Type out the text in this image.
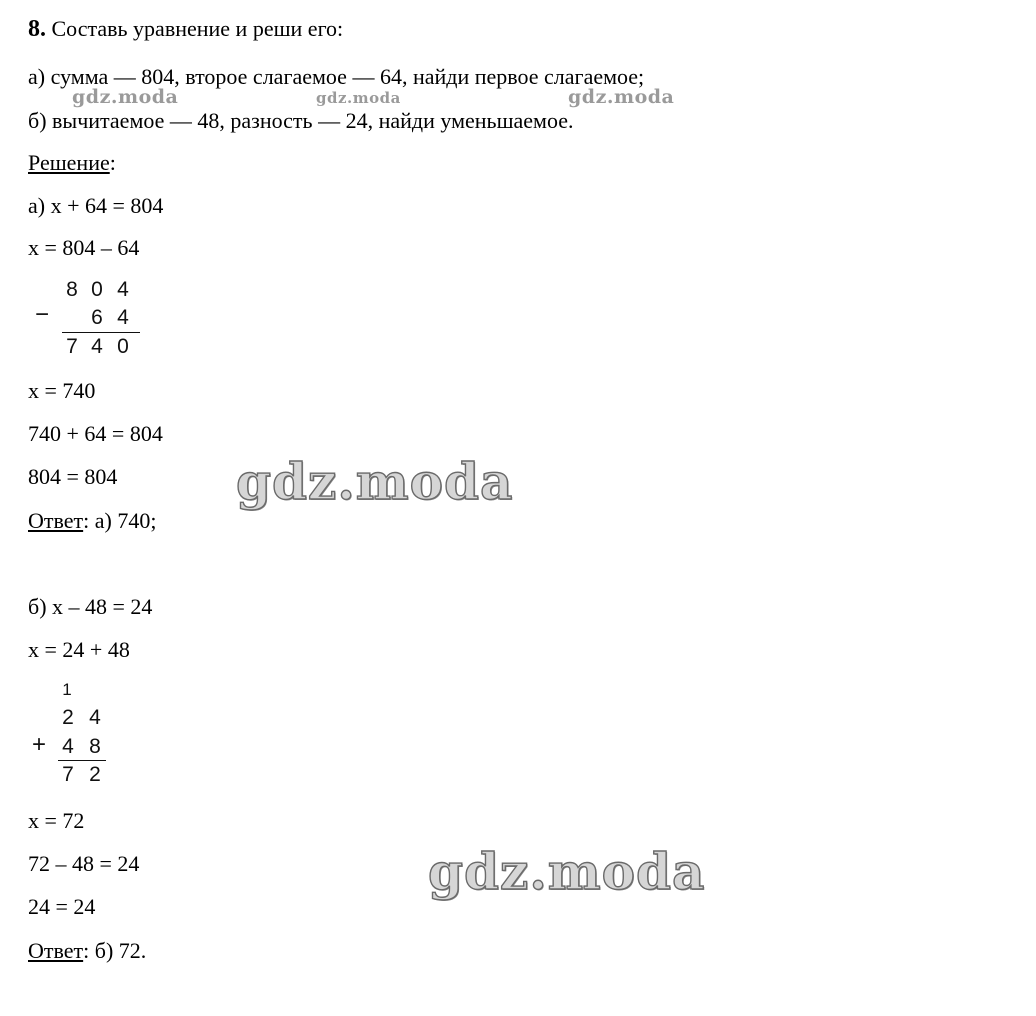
8. Составь уравнение и реши его:
а) сумма — 804, второе слагаемое — 64, найди первое слагаемое;
б) вычитаемое — 48, разность — 24, найди уменьшаемое.
gdz.moda	gdz.moda	gdz.moda
Решение:
а) x + 64 = 804
x = 804 – 64
−
8 0 4
6 4
7 4 0
x = 740
740 + 64 = 804
804 = 804
Ответ: а) 740;
gdz.moda
б) x – 48 = 24
x = 24 + 48
1
2 4
+ 4 8
7 2
x = 72
72 – 48 = 24
24 = 24
Ответ: б) 72.
gdz.moda
